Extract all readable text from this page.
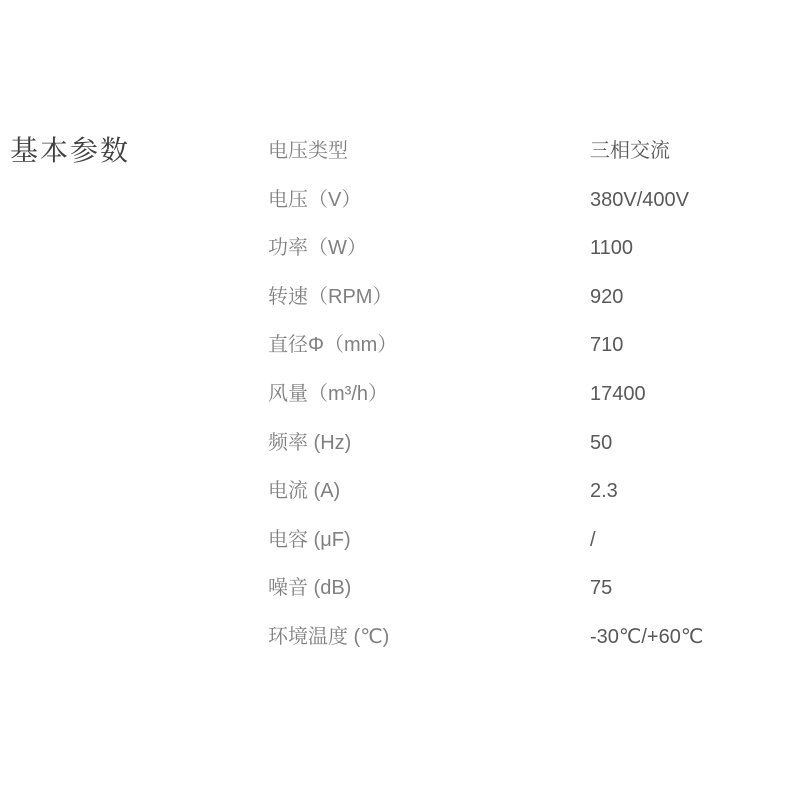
基本参数	电压类型	三相交流
电压（V）	380V/400V
功率（W）	1100
转速（RPM）	920
直径Φ（mm）	710
风量（m³/h）	17400
频率 (Hz)	50
电流 (A)	2.3
电容 (μF)	/
噪音 (dB)	75
环境温度 (℃)	-30℃/+60℃
